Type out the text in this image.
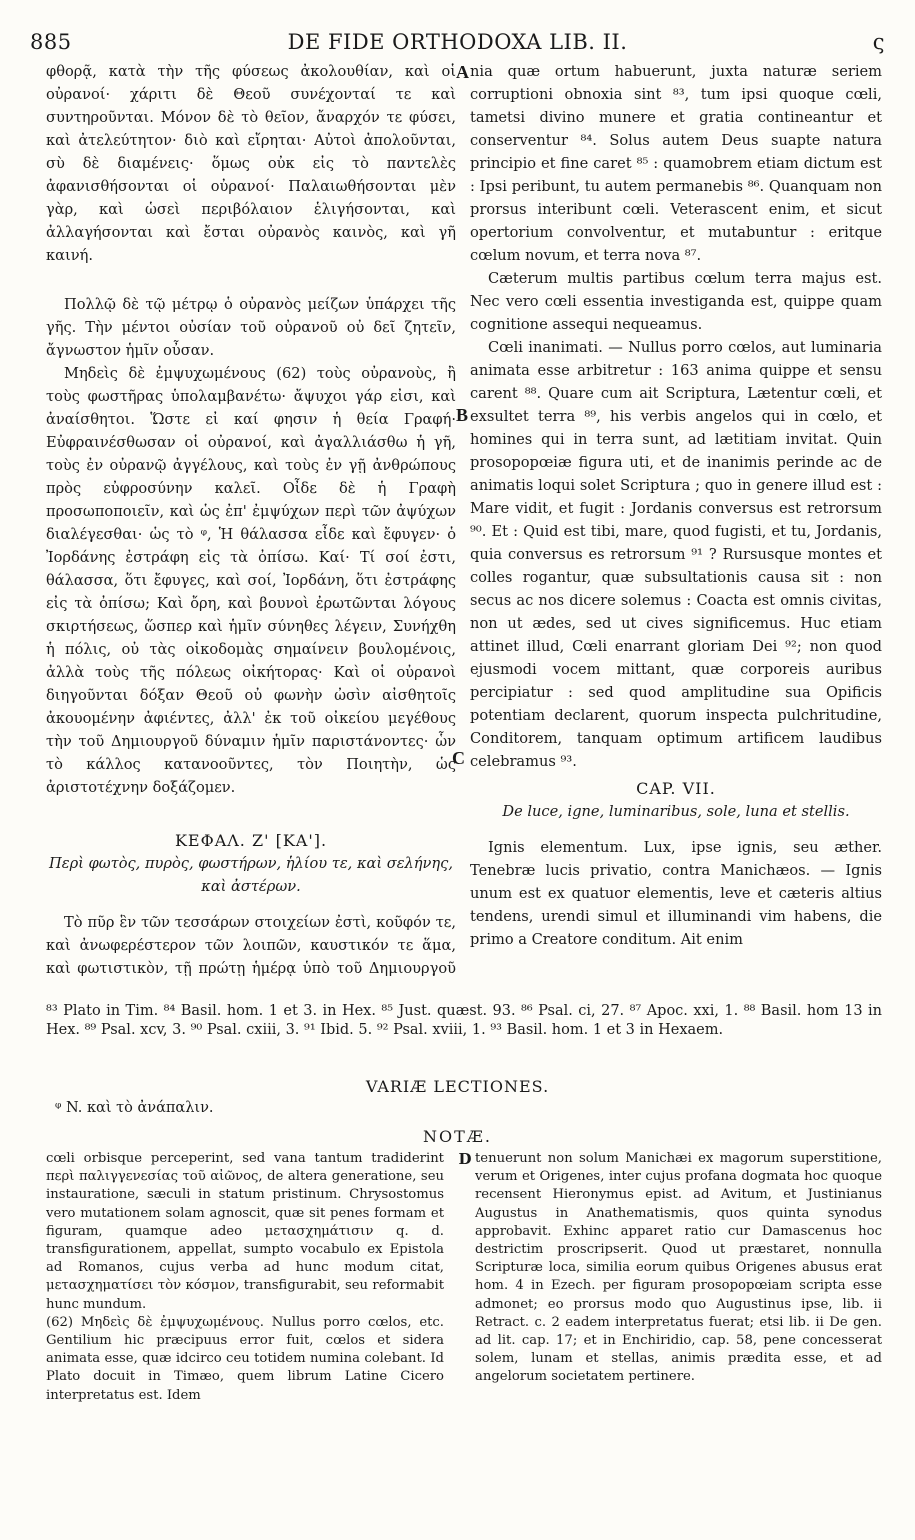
885	DE FIDE ORTHODOXA LIB. II.	ς

φθορᾷ, κατὰ τὴν τῆς φύσεως ἀκολουθίαν, καὶ οἱ οὐρανοί· χάριτι δὲ Θεοῦ συνέχονταί τε καὶ συντηροῦνται. Μόνον δὲ τὸ θεῖον, ἄναρχόν τε φύσει, καὶ ἀτελεύτητον· διὸ καὶ εἴρηται· Αὐτοὶ ἀπολοῦνται, σὺ δὲ διαμένεις· ὅμως οὐκ εἰς τὸ παντελὲς ἀφανισθήσονται οἱ οὐρανοί· Παλαιωθήσονται μὲν γὰρ, καὶ ὡσεὶ περιβόλαιον ἑλιγήσονται, καὶ ἀλλαγήσονται καὶ ἔσται οὐρανὸς καινὸς, καὶ γῆ καινή.

Πολλῷ δὲ τῷ μέτρῳ ὁ οὐρανὸς μείζων ὑπάρχει τῆς γῆς. Τὴν μέντοι οὐσίαν τοῦ οὐρανοῦ οὐ δεῖ ζητεῖν, ἄγνωστον ἡμῖν οὖσαν.

Μηδεὶς δὲ ἐμψυχωμένους (62) τοὺς οὐρανοὺς, ἢ τοὺς φωστῆρας ὑπολαμβανέτω· ἄψυχοι γάρ εἰσι, καὶ ἀναίσθητοι. Ὥστε εἰ καί φησιν ἡ θεία Γραφή· Εὐφραινέσθωσαν οἱ οὐρανοί, καὶ ἀγαλλιάσθω ἡ γῆ, τοὺς ἐν οὐρανῷ ἀγγέλους, καὶ τοὺς ἐν γῇ ἀνθρώπους πρὸς εὐφροσύνην καλεῖ. Οἶδε δὲ ἡ Γραφὴ προσωποποιεῖν, καὶ ὡς ἐπ' ἐμψύχων περὶ τῶν ἀψύχων διαλέγεσθαι· ὡς τὸ ᵠ, Ἡ θάλασσα εἶδε καὶ ἔφυγεν· ὁ Ἰορδάνης ἐστράφη εἰς τὰ ὀπίσω. Καί· Τί σοί ἐστι, θάλασσα, ὅτι ἔφυγες, καὶ σοί, Ἰορδάνη, ὅτι ἐστράφης εἰς τὰ ὀπίσω; Καὶ ὄρη, καὶ βουνοὶ ἐρωτῶνται λόγους σκιρτήσεως, ὥσπερ καὶ ἡμῖν σύνηθες λέγειν, Συνήχθη ἡ πόλις, οὐ τὰς οἰκοδομὰς σημαίνειν βουλομένοις, ἀλλὰ τοὺς τῆς πόλεως οἰκήτορας· Καὶ οἱ οὐρανοὶ διηγοῦνται δόξαν Θεοῦ οὐ φωνὴν ὠσὶν αἰσθητοῖς ἀκουομένην ἀφιέντες, ἀλλ' ἐκ τοῦ οἰκείου μεγέθους τὴν τοῦ Δημιουργοῦ δύναμιν ἡμῖν παριστάνοντες· ὧν τὸ κάλλος κατανοοῦντες, τὸν Ποιητὴν, ὡς ἀριστοτέχνην δοξάζομεν.

ΚΕΦΑΛ. Ζ' [ΚΑ'].
Περὶ φωτὸς, πυρὸς, φωστήρων, ἡλίου τε, καὶ σελήνης, καὶ ἀστέρων.

Τὸ πῦρ ἓν τῶν τεσσάρων στοιχείων ἐστὶ, κοῦφόν τε, καὶ ἀνωφερέστερον τῶν λοιπῶν, καυστικόν τε ἅμα, καὶ φωτιστικὸν, τῇ πρώτῃ ἡμέρᾳ ὑπὸ τοῦ Δημιουργοῦ

A
B
C

nia quæ ortum habuerunt, juxta naturæ seriem corruptioni obnoxia sint ⁸³, tum ipsi quoque cœli, tametsi divino munere et gratia contineantur et conserventur ⁸⁴. Solus autem Deus suapte natura principio et fine caret ⁸⁵ : quamobrem etiam dictum est : Ipsi peribunt, tu autem permanebis ⁸⁶. Quanquam non prorsus interibunt cœli. Veterascent enim, et sicut opertorium convolventur, et mutabuntur : eritque cœlum novum, et terra nova ⁸⁷.

Cæterum multis partibus cœlum terra majus est. Nec vero cœli essentia investiganda est, quippe quam cognitione assequi nequeamus.

Cœli inanimati. — Nullus porro cœlos, aut luminaria animata esse arbitretur : 163 anima quippe et sensu carent ⁸⁸. Quare cum ait Scriptura, Lætentur cœli, et exsultet terra ⁸⁹, his verbis angelos qui in cœlo, et homines qui in terra sunt, ad lætitiam invitat. Quin prosopopœiæ figura uti, et de inanimis perinde ac de animatis loqui solet Scriptura ; quo in genere illud est : Mare vidit, et fugit : Jordanis conversus est retrorsum ⁹⁰. Et : Quid est tibi, mare, quod fugisti, et tu, Jordanis, quia conversus es retrorsum ⁹¹ ? Rursusque montes et colles rogantur, quæ subsultationis causa sit : non secus ac nos dicere solemus : Coacta est omnis civitas, non ut ædes, sed ut cives significemus. Huc etiam attinet illud, Cœli enarrant gloriam Dei ⁹²; non quod ejusmodi vocem mittant, quæ corporeis auribus percipiatur : sed quod amplitudine sua Opificis potentiam declarent, quorum inspecta pulchritudine, Conditorem, tanquam optimum artificem laudibus celebramus ⁹³.

CAP. VII.
De luce, igne, luminaribus, sole, luna et stellis.

Ignis elementum. Lux, ipse ignis, seu æther. Tenebræ lucis privatio, contra Manichæos. — Ignis unum est ex quatuor elementis, leve et cæteris altius tendens, urendi simul et illuminandi vim habens, die primo a Creatore conditum. Ait enim

⁸³ Plato in Tim. ⁸⁴ Basil. hom. 1 et 3. in Hex. ⁸⁵ Just. quæst. 93. ⁸⁶ Psal. ci, 27. ⁸⁷ Apoc. xxi, 1. ⁸⁸ Basil. hom 13 in Hex. ⁸⁹ Psal. xcv, 3. ⁹⁰ Psal. cxiii, 3. ⁹¹ Ibid. 5. ⁹² Psal. xviii, 1. ⁹³ Basil. hom. 1 et 3 in Hexaem.
VARIÆ LECTIONES.
ᵠ N. καὶ τὸ ἀνάπαλιν.
NOTÆ.

cœli orbisque perceperint, sed vana tantum tradiderint περὶ παλιγγενεσίας τοῦ αἰῶνος, de altera generatione, seu instauratione, sæculi in statum pristinum. Chrysostomus vero mutationem solam agnoscit, quæ sit penes formam et figuram, quamque adeo μετασχημάτισιν q. d. transfigurationem, appellat, sumpto vocabulo ex Epistola ad Romanos, cujus verba ad hunc modum citat, μετασχηματίσει τὸν κόσμον, transfigurabit, seu reformabit hunc mundum.

(62) Μηδεὶς δὲ ἐμψυχωμένους. Nullus porro cœlos, etc. Gentilium hic præcipuus error fuit, cœlos et sidera animata esse, quæ idcirco ceu totidem numina colebant. Id Plato docuit in Timæo, quem librum Latine Cicero interpretatus est. Idem

D tenuerunt non solum Manichæi ex magorum superstitione, verum et Origenes, inter cujus profana dogmata hoc quoque recensent Hieronymus epist. ad Avitum, et Justinianus Augustus in Anathematismis, quos quinta synodus approbavit. Exhinc apparet ratio cur Damascenus hoc destrictim proscripserit. Quod ut præstaret, nonnulla Scripturæ loca, similia eorum quibus Origenes abusus erat hom. 4 in Ezech. per figuram prosopopœiam scripta esse admonet; eo prorsus modo quo Augustinus ipse, lib. ii Retract. c. 2 eadem interpretatus fuerat; etsi lib. ii De gen. ad lit. cap. 17; et in Enchiridio, cap. 58, pene concesserat solem, lunam et stellas, animis prædita esse, et ad angelorum societatem pertinere.
